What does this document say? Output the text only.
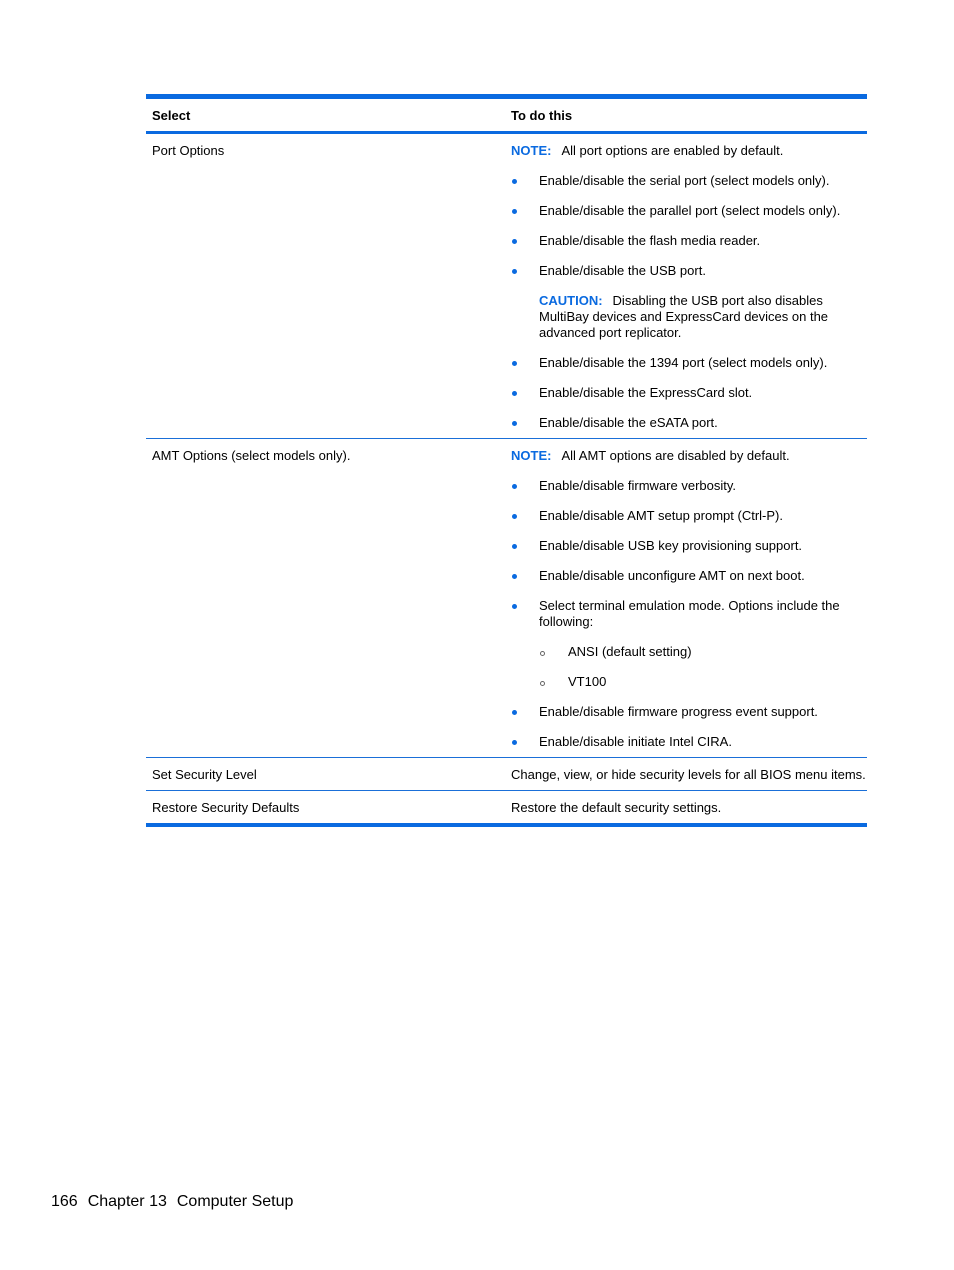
Select	To do this
Port Options	NOTE: All port options are enabled by default.
Enable/disable the serial port (select models only).
Enable/disable the parallel port (select models only).
Enable/disable the flash media reader.
Enable/disable the USB port.
CAUTION: Disabling the USB port also disables MultiBay devices and ExpressCard devices on the advanced port replicator.
Enable/disable the 1394 port (select models only).
Enable/disable the ExpressCard slot.
Enable/disable the eSATA port.
AMT Options (select models only).	NOTE: All AMT options are disabled by default.
Enable/disable firmware verbosity.
Enable/disable AMT setup prompt (Ctrl-P).
Enable/disable USB key provisioning support.
Enable/disable unconfigure AMT on next boot.
Select terminal emulation mode. Options include the following:
ANSI (default setting)
VT100
Enable/disable firmware progress event support.
Enable/disable initiate Intel CIRA.
Set Security Level	Change, view, or hide security levels for all BIOS menu items.
Restore Security Defaults	Restore the default security settings.
166 Chapter 13 Computer Setup
